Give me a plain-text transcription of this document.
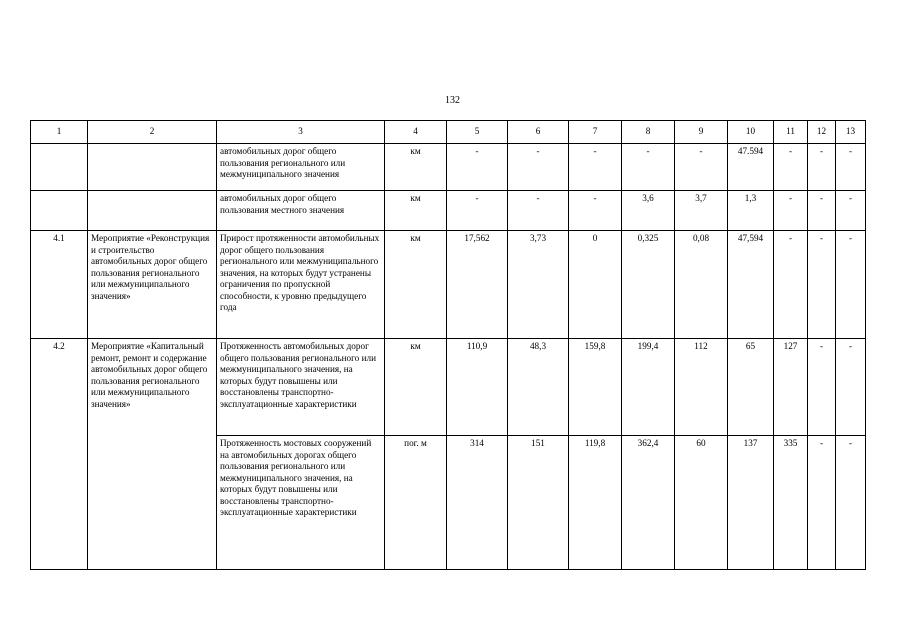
132
1	2	3	4	5	6	7	8	9	10	11	12	13
		автомобильных дорог общего пользования регионального или межмуниципального значения	км	-	-	-	-	-	47.594	-	-	-
		автомобильных дорог общего пользования местного значения	км	-	-	-	3,6	3,7	1,3	-	-	-
4.1	Мероприятие «Реконструкция и строительство автомобильных дорог общего пользования регионального или межмуниципального значения»	Прирост протяженности автомобильных дорог общего пользования регионального или межмуниципального значения, на которых будут устранены ограничения по пропускной способности, к уровню предыдущего года	км	17,562	3,73	0	0,325	0,08	47,594	-	-	-
4.2	Мероприятие «Капитальный ремонт, ремонт и содержание автомобильных дорог общего пользования регионального или межмуниципального значения»	Протяженность автомобильных дорог общего пользования регионального или межмуниципального значения, на которых будут повышены или восстановлены транспортно-эксплуатационные характеристики	км	110,9	48,3	159,8	199,4	112	65	127	-	-
		Протяженность мостовых сооружений на автомобильных дорогах общего пользования регионального или межмуниципального значения, на которых будут повышены или восстановлены транспортно-эксплуатационные характеристики	пог. м	314	151	119,8	362,4	60	137	335	-	-
